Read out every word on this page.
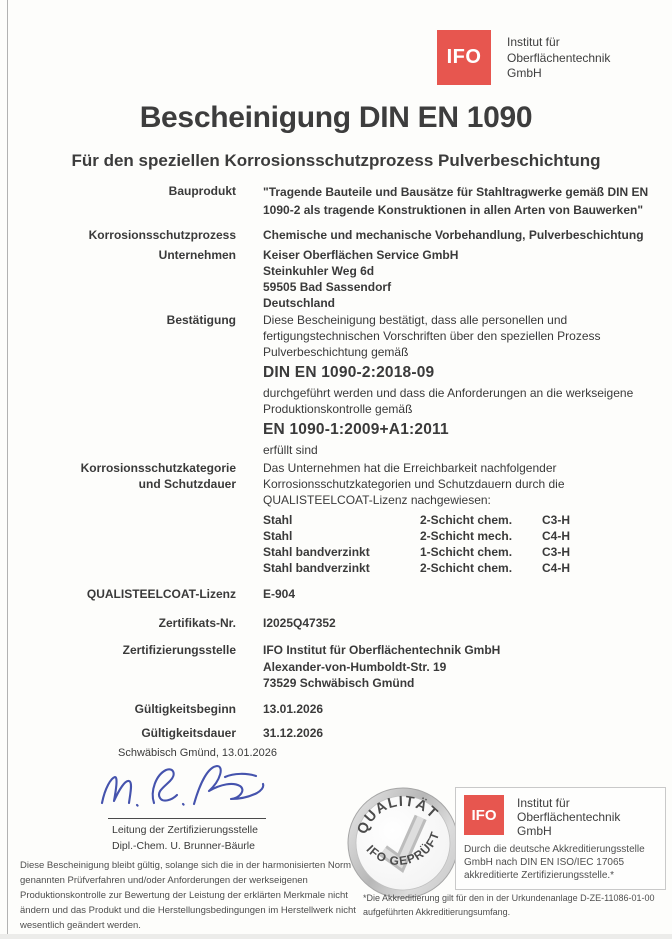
IFO
Institut für
Oberflächentechnik
GmbH
Bescheinigung DIN EN 1090
Für den speziellen Korrosionsschutzprozess Pulverbeschichtung
Bauprodukt "Tragende Bauteile und Bausätze für Stahltragwerke gemäß DIN EN 1090-2 als tragende Konstruktionen in allen Arten von Bauwerken"
Korrosionsschutzprozess Chemische und mechanische Vorbehandlung, Pulverbeschichtung
Unternehmen Keiser Oberflächen Service GmbH
Steinkuhler Weg 6d
59505 Bad Sassendorf
Deutschland
Bestätigung Diese Bescheinigung bestätigt, dass alle personellen und fertigungstechnischen Vorschriften über den speziellen Prozess Pulverbeschichtung gemäß

DIN EN 1090-2:2018-09

durchgeführt werden und dass die Anforderungen an die werkseigene Produktionskontrolle gemäß

EN 1090-1:2009+A1:2011

erfüllt sind

Korrosionsschutzkategorie
und Schutzdauer

Das Unternehmen hat die Erreichbarkeit nachfolgender Korrosionsschutzkategorien und Schutzdauern durch die QUALISTEELCOAT-Lizenz nachgewiesen:

Stahl	2-Schicht chem.	C3-H
Stahl	2-Schicht mech.	C4-H
Stahl bandverzinkt	1-Schicht chem.	C3-H
Stahl bandverzinkt	2-Schicht chem.	C4-H
QUALISTEELCOAT-Lizenz E-904
Zertifikats-Nr. I2025Q47352
Zertifizierungsstelle IFO Institut für Oberflächentechnik GmbH
Alexander-von-Humboldt-Str. 19
73529 Schwäbisch Gmünd
Gültigkeitsbeginn 13.01.2026
Gültigkeitsdauer 31.12.2026

Schwäbisch Gmünd, 13.01.2026

Leitung der Zertifizierungsstelle
Dipl.-Chem. U. Brunner-Bäurle
Diese Bescheinigung bleibt gültig, solange sich die in der harmonisierten Norm genannten Prüfverfahren und/oder Anforderungen der werkseigenen Produktionskontrolle zur Bewertung der Leistung der erklärten Merkmale nicht ändern und das Produkt und die Herstellungsbedingungen im Herstellwerk nicht wesentlich geändert werden.
QUALITÄT
IFO GEPRÜFT
IFO
Institut für
Oberflächentechnik
GmbH
Durch die deutsche Akkreditierungsstelle GmbH nach DIN EN ISO/IEC 17065 akkreditierte Zertifizierungsstelle.*
*Die Akkreditierung gilt für den in der Urkundenanlage D-ZE-11086-01-00 aufgeführten Akkreditierungsumfang.
